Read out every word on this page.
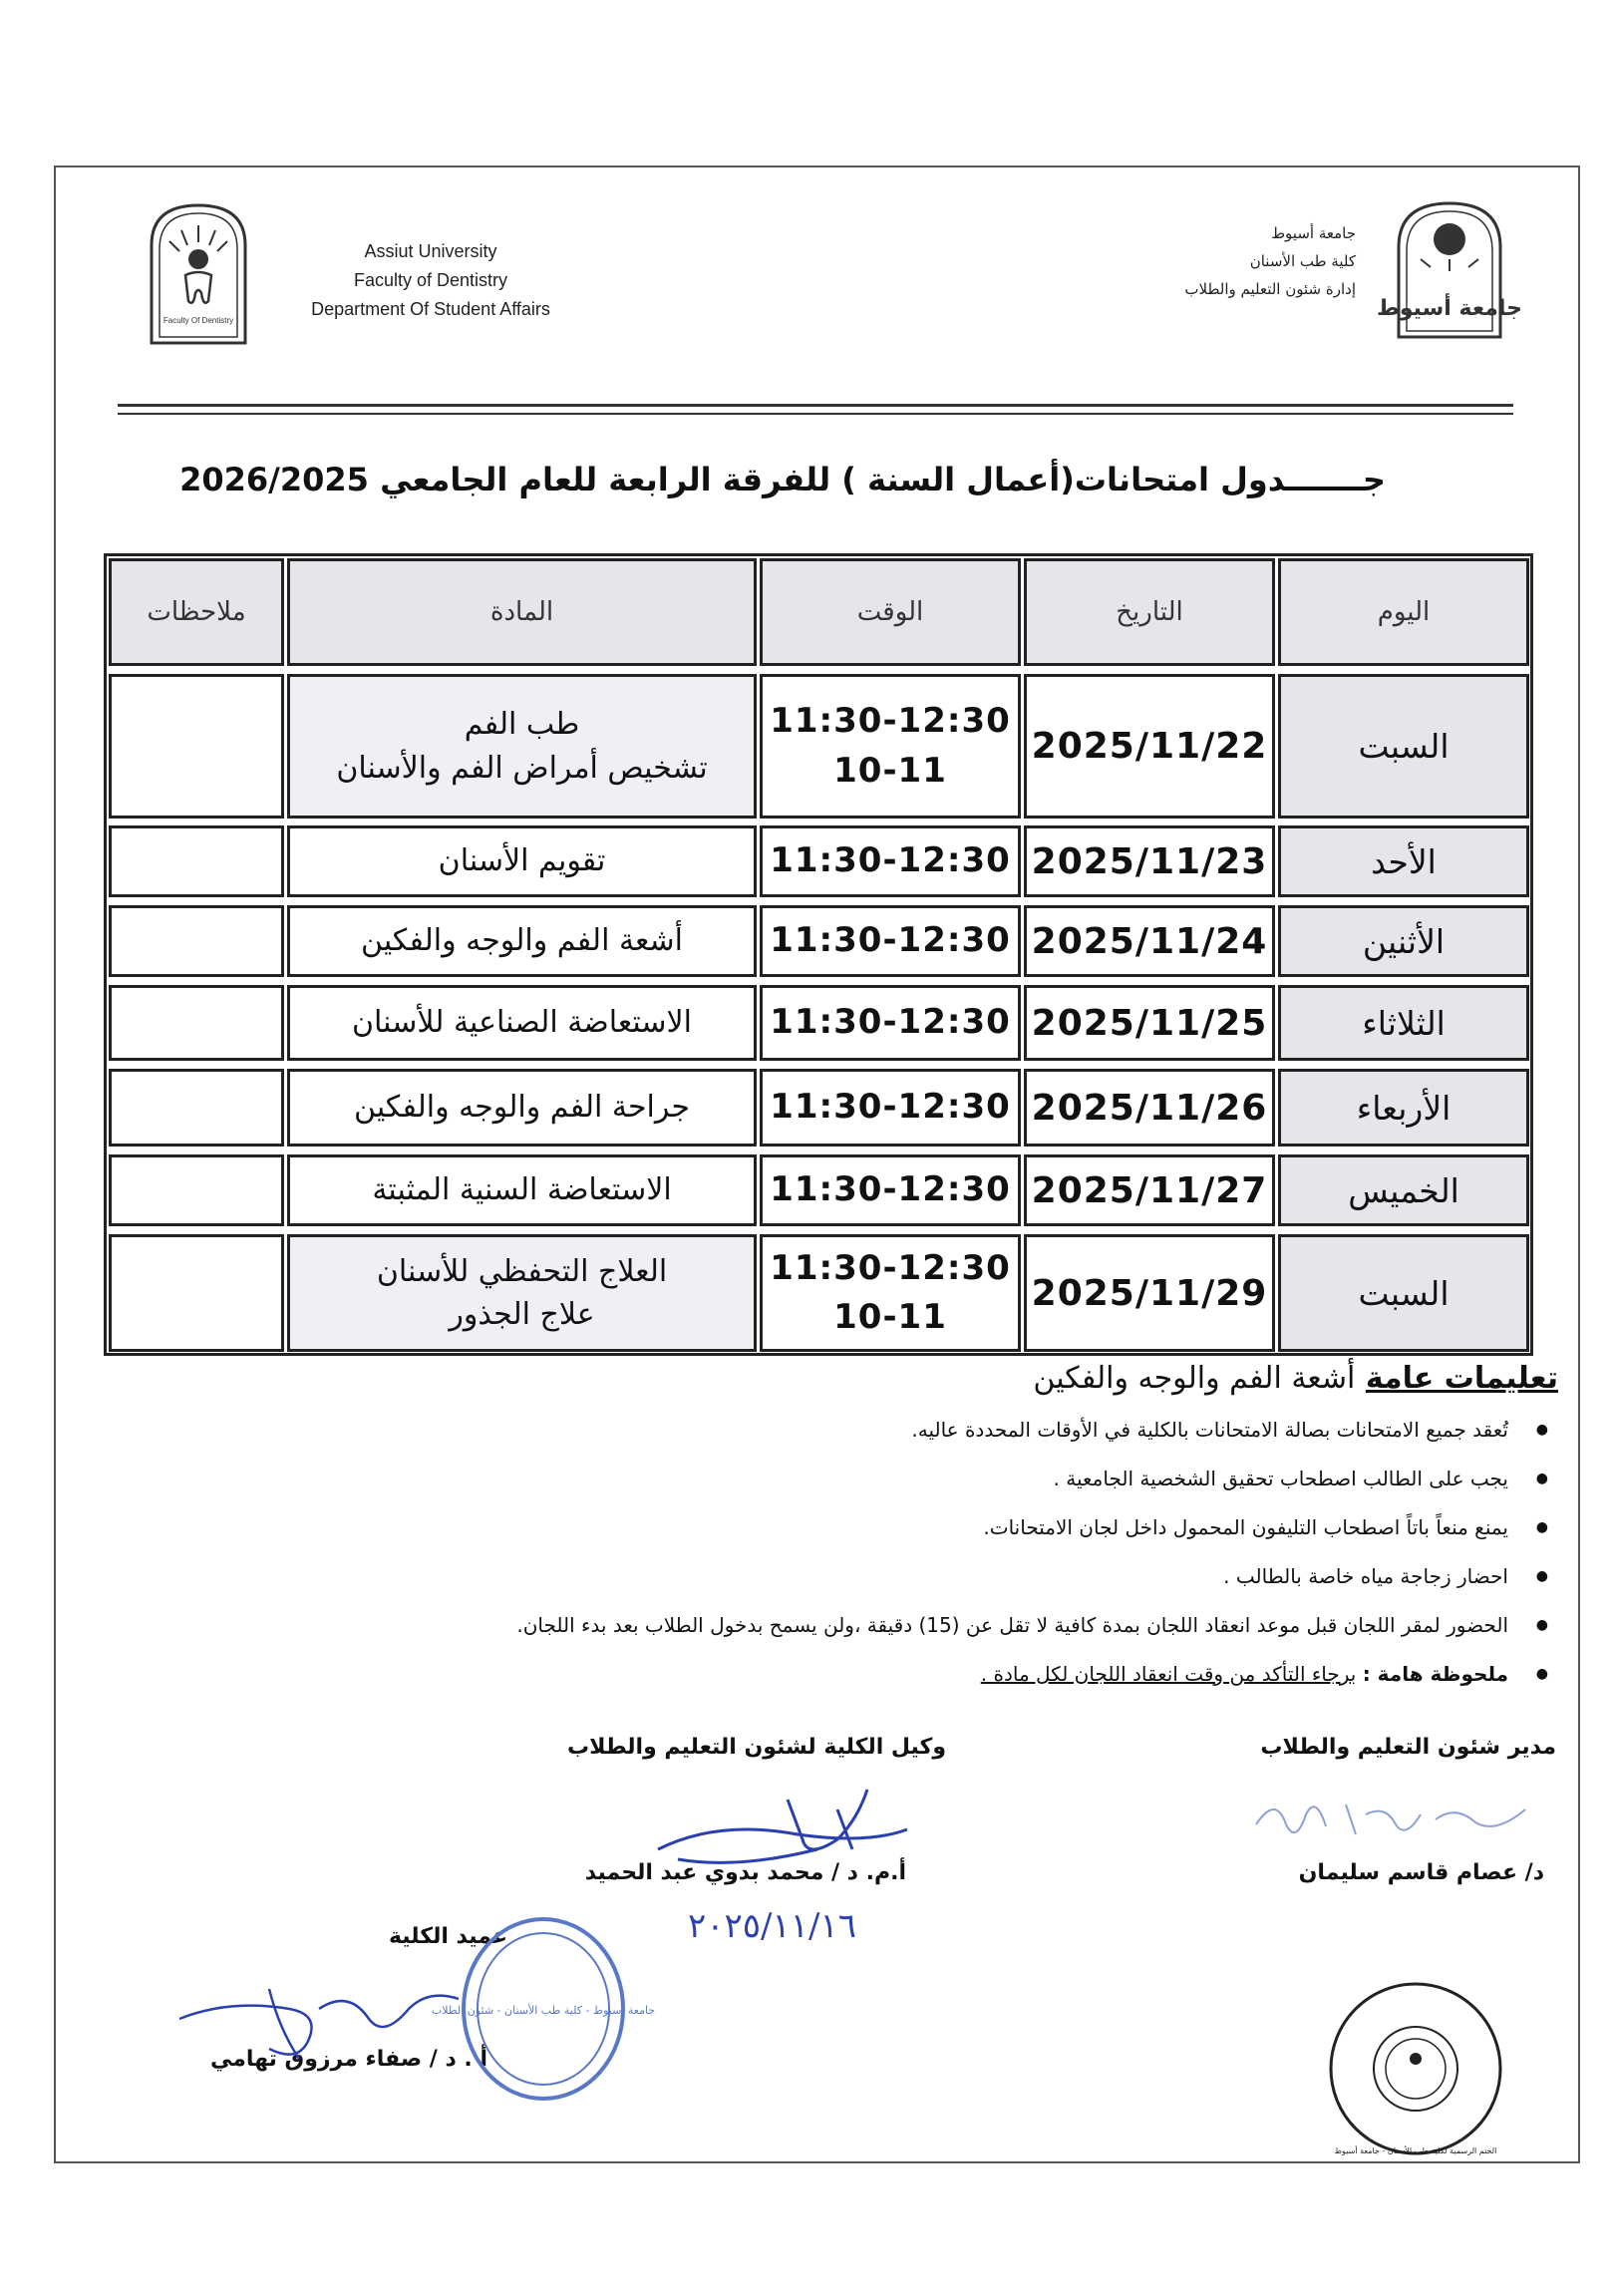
Faculty Of Dentistry
Assiut University
Faculty of Dentistry
Department Of Student Affairs
جامعة أسيوط
كلية طب الأسنان
إدارة شئون التعليم والطلاب
جامعة أسيوط
جـــــــدول امتحانات(أعمال السنة ) للفرقة الرابعة للعام الجامعي 2026/2025
اليوم
التاريخ
الوقت
المادة
ملاحظات
السبت
2025/11/22
11:30-12:30
10-11
طب الفم
تشخيص أمراض الفم والأسنان
الأحد
2025/11/23
11:30-12:30
تقويم الأسنان
الأثنين
2025/11/24
11:30-12:30
أشعة الفم والوجه والفكين
الثلاثاء
2025/11/25
11:30-12:30
الاستعاضة الصناعية للأسنان
الأربعاء
2025/11/26
11:30-12:30
جراحة الفم والوجه والفكين
الخميس
2025/11/27
11:30-12:30
الاستعاضة السنية المثبتة
السبت
2025/11/29
11:30-12:30
10-11
العلاج التحفظي للأسنان
علاج الجذور
تعليمات عامة أشعة الفم والوجه والفكين
● تُعقد جميع الامتحانات بصالة الامتحانات بالكلية في الأوقات المحددة عاليه.
● يجب على الطالب اصطحاب تحقيق الشخصية الجامعية .
● يمنع منعاً باتاً اصطحاب التليفون المحمول داخل لجان الامتحانات.
● احضار زجاجة مياه خاصة بالطالب .
● الحضور لمقر اللجان قبل موعد انعقاد اللجان بمدة كافية لا تقل عن (15) دقيقة ،ولن يسمح بدخول الطلاب بعد بدء اللجان.
● ملحوظة هامة : برجاء التأكد من وقت انعقاد اللجان لكل مادة .
مدير شئون التعليم والطلاب
د/ عصام قاسم سليمان
وكيل الكلية لشئون التعليم والطلاب
أ.م. د / محمد بدوي عبد الحميد
عميد الكلية
أ . د / صفاء مرزوق تهامي
٢٠٢٥/١١/١٦
جامعة أسيوط - كلية طب الأسنان - شئون الطلاب
الختم الرسمية لكلية طب الأسنان - جامعة أسيوط
